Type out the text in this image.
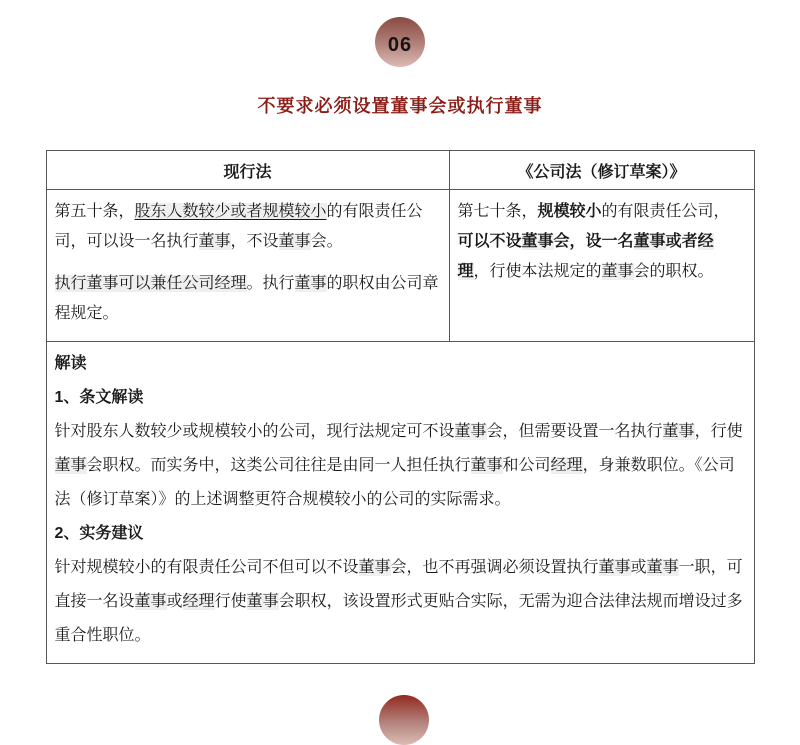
06
不要求必须设置董事会或执行董事
现行法	《公司法（修订草案）》

第五十条，股东人数较少或者规模较小的有限责任公司，可以设一名执行董事，不设董事会。

执行董事可以兼任公司经理。执行董事的职权由公司章程规定。	第七十条，规模较小的有限责任公司，可以不设董事会，设一名董事或者经理，行使本法规定的董事会的职权。

解读

1、条文解读

针对股东人数较少或规模较小的公司，现行法规定可不设董事会，但需要设置一名执行董事，行使董事会职权。而实务中，这类公司往往是由同一人担任执行董事和公司经理，身兼数职位。《公司法（修订草案）》的上述调整更符合规模较小的公司的实际需求。

2、实务建议

针对规模较小的有限责任公司不但可以不设董事会，也不再强调必须设置执行董事或董事一职，可直接一名设董事或经理行使董事会职权，该设置形式更贴合实际，无需为迎合法律法规而增设过多重合性职位。	
